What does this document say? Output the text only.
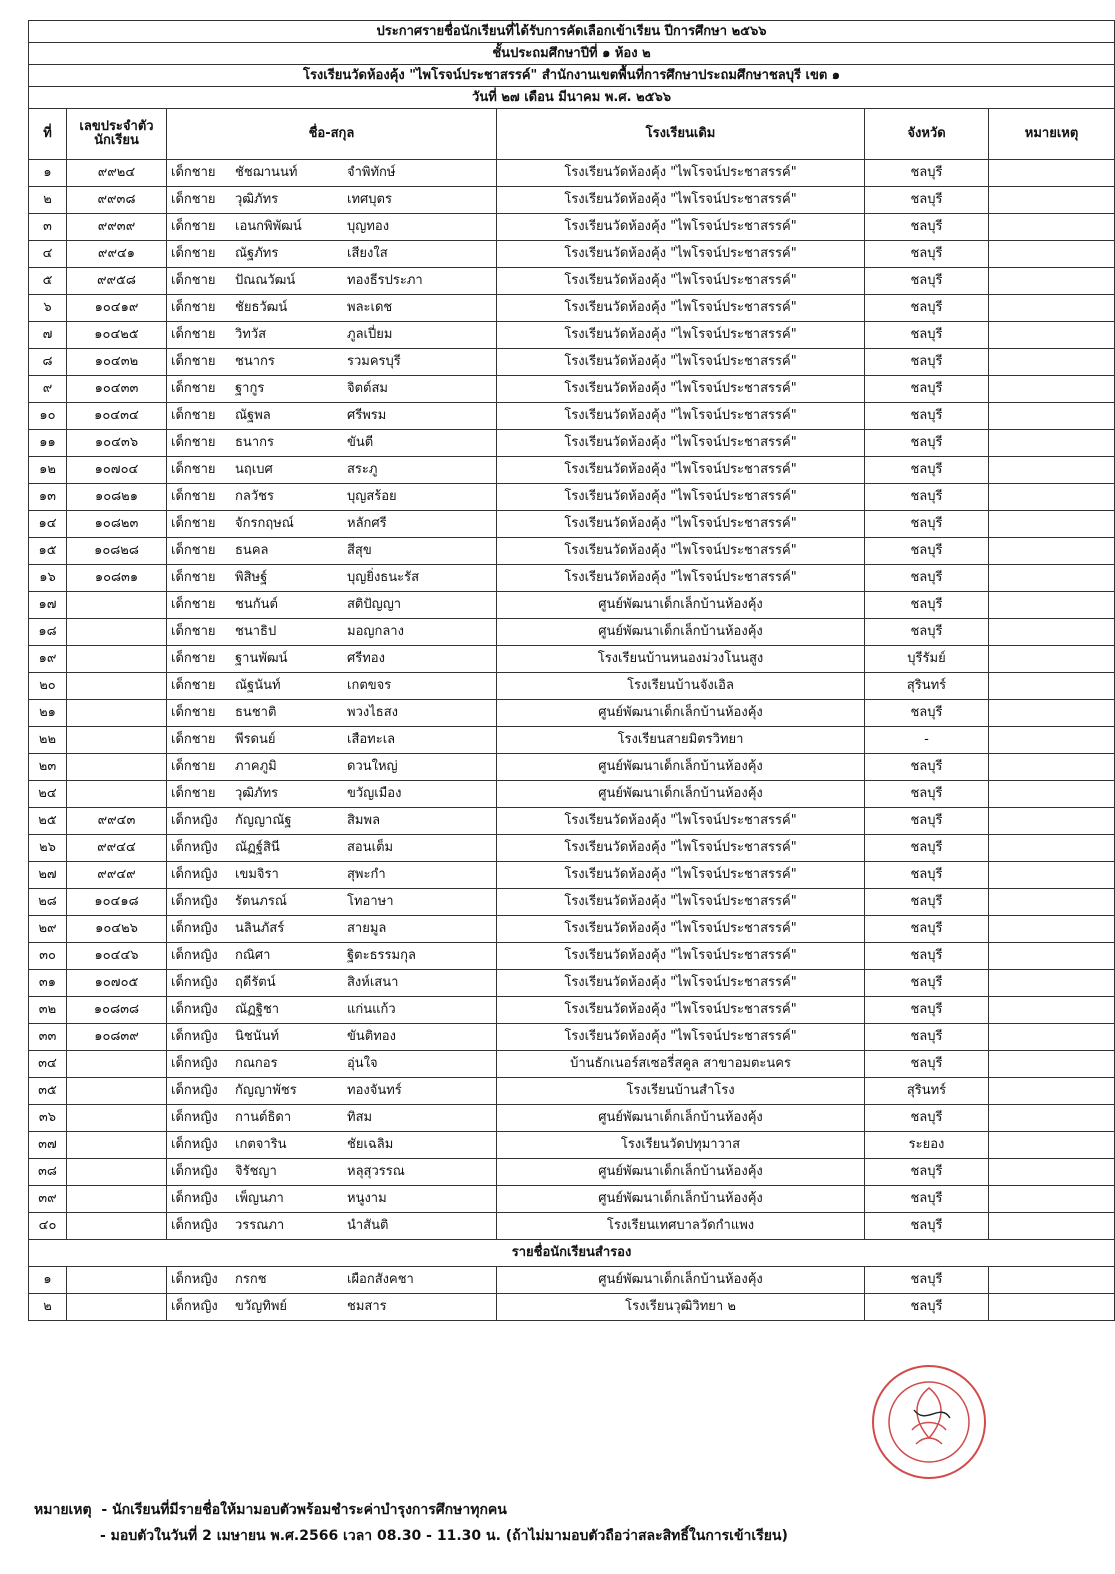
ประกาศรายชื่อนักเรียนที่ได้รับการคัดเลือกเข้าเรียน ปีการศึกษา ๒๕๖๖					
ชั้นประถมศึกษาปีที่ ๑ ห้อง ๒					
โรงเรียนวัดห้องคุ้ง "ไพโรจน์ประชาสรรค์" สำนักงานเขตพื้นที่การศึกษาประถมศึกษาชลบุรี เขต ๑					
วันที่ ๒๗ เดือน มีนาคม พ.ศ. ๒๕๖๖					
ที่	เลขประจำตัวนักเรียน	ชื่อ-สกุล	โรงเรียนเดิม	จังหวัด	หมายเหตุ
๑	๙๙๒๔	เด็กชาย ชัชฌานนท์ จำพิทักษ์	โรงเรียนวัดห้องคุ้ง "ไพโรจน์ประชาสรรค์"	ชลบุรี	
๒	๙๙๓๘	เด็กชาย วุฒิภัทร เทศบุตร	โรงเรียนวัดห้องคุ้ง "ไพโรจน์ประชาสรรค์"	ชลบุรี	
๓	๙๙๓๙	เด็กชาย เอนกพิพัฒน์ บุญทอง	โรงเรียนวัดห้องคุ้ง "ไพโรจน์ประชาสรรค์"	ชลบุรี	
๔	๙๙๔๑	เด็กชาย ณัฐภัทร เสียงใส	โรงเรียนวัดห้องคุ้ง "ไพโรจน์ประชาสรรค์"	ชลบุรี	
๕	๙๙๕๘	เด็กชาย ปัณณวัฒน์ ทองธีรประภา	โรงเรียนวัดห้องคุ้ง "ไพโรจน์ประชาสรรค์"	ชลบุรี	
๖	๑๐๔๑๙	เด็กชาย ชัยธวัฒน์ พละเดช	โรงเรียนวัดห้องคุ้ง "ไพโรจน์ประชาสรรค์"	ชลบุรี	
๗	๑๐๔๒๕	เด็กชาย วิทวัส ภูลเปี่ยม	โรงเรียนวัดห้องคุ้ง "ไพโรจน์ประชาสรรค์"	ชลบุรี	
๘	๑๐๔๓๒	เด็กชาย ชนากร รวมครบุรี	โรงเรียนวัดห้องคุ้ง "ไพโรจน์ประชาสรรค์"	ชลบุรี	
๙	๑๐๔๓๓	เด็กชาย ฐากูร จิตต์สม	โรงเรียนวัดห้องคุ้ง "ไพโรจน์ประชาสรรค์"	ชลบุรี	
๑๐	๑๐๔๓๔	เด็กชาย ณัฐพล ศรีพรม	โรงเรียนวัดห้องคุ้ง "ไพโรจน์ประชาสรรค์"	ชลบุรี	
๑๑	๑๐๔๓๖	เด็กชาย ธนากร ขันตี	โรงเรียนวัดห้องคุ้ง "ไพโรจน์ประชาสรรค์"	ชลบุรี	
๑๒	๑๐๗๐๔	เด็กชาย นฤเบศ สระภู	โรงเรียนวัดห้องคุ้ง "ไพโรจน์ประชาสรรค์"	ชลบุรี	
๑๓	๑๐๘๒๑	เด็กชาย กลวัชร บุญสร้อย	โรงเรียนวัดห้องคุ้ง "ไพโรจน์ประชาสรรค์"	ชลบุรี	
๑๔	๑๐๘๒๓	เด็กชาย จักรกฤษณ์ หลักศรี	โรงเรียนวัดห้องคุ้ง "ไพโรจน์ประชาสรรค์"	ชลบุรี	
๑๕	๑๐๘๒๘	เด็กชาย ธนคล สีสุข	โรงเรียนวัดห้องคุ้ง "ไพโรจน์ประชาสรรค์"	ชลบุรี	
๑๖	๑๐๘๓๑	เด็กชาย พิสิษฐ์ บุญยิ่งธนะรัส	โรงเรียนวัดห้องคุ้ง "ไพโรจน์ประชาสรรค์"	ชลบุรี	
๑๗		เด็กชาย ชนกันต์ สติปัญญา	ศูนย์พัฒนาเด็กเล็กบ้านห้องคุ้ง	ชลบุรี	
๑๘		เด็กชาย ชนาธิป มอญกลาง	ศูนย์พัฒนาเด็กเล็กบ้านห้องคุ้ง	ชลบุรี	
๑๙		เด็กชาย ฐานพัฒน์ ศรีทอง	โรงเรียนบ้านหนองม่วงโนนสูง	บุรีรัมย์	
๒๐		เด็กชาย ณัฐนันท์ เกตขจร	โรงเรียนบ้านจังเอิล	สุรินทร์	
๒๑		เด็กชาย ธนชาติ พวงไธสง	ศูนย์พัฒนาเด็กเล็กบ้านห้องคุ้ง	ชลบุรี	
๒๒		เด็กชาย พีรดนย์ เสือทะเล	โรงเรียนสายมิตรวิทยา	-	
๒๓		เด็กชาย ภาคภูมิ ดวนใหญ่	ศูนย์พัฒนาเด็กเล็กบ้านห้องคุ้ง	ชลบุรี	
๒๔		เด็กชาย วุฒิภัทร ขวัญเมือง	ศูนย์พัฒนาเด็กเล็กบ้านห้องคุ้ง	ชลบุรี	
๒๕	๙๙๔๓	เด็กหญิง กัญญาณัฐ สิมพล	โรงเรียนวัดห้องคุ้ง "ไพโรจน์ประชาสรรค์"	ชลบุรี	
๒๖	๙๙๔๔	เด็กหญิง ณัฏฐ์สินี สอนเต็ม	โรงเรียนวัดห้องคุ้ง "ไพโรจน์ประชาสรรค์"	ชลบุรี	
๒๗	๙๙๔๙	เด็กหญิง เขมจิรา สุพะกำ	โรงเรียนวัดห้องคุ้ง "ไพโรจน์ประชาสรรค์"	ชลบุรี	
๒๘	๑๐๔๑๘	เด็กหญิง รัตนภรณ์ โทอาษา	โรงเรียนวัดห้องคุ้ง "ไพโรจน์ประชาสรรค์"	ชลบุรี	
๒๙	๑๐๔๒๖	เด็กหญิง นลินภัสร์ สายมูล	โรงเรียนวัดห้องคุ้ง "ไพโรจน์ประชาสรรค์"	ชลบุรี	
๓๐	๑๐๔๔๖	เด็กหญิง กณิศา ฐิตะธรรมกุล	โรงเรียนวัดห้องคุ้ง "ไพโรจน์ประชาสรรค์"	ชลบุรี	
๓๑	๑๐๗๐๕	เด็กหญิง ฤดีรัตน์ สิงห์เสนา	โรงเรียนวัดห้องคุ้ง "ไพโรจน์ประชาสรรค์"	ชลบุรี	
๓๒	๑๐๘๓๘	เด็กหญิง ณัฏฐิชา แก่นแก้ว	โรงเรียนวัดห้องคุ้ง "ไพโรจน์ประชาสรรค์"	ชลบุรี	
๓๓	๑๐๘๓๙	เด็กหญิง นิชนันท์ ขันติทอง	โรงเรียนวัดห้องคุ้ง "ไพโรจน์ประชาสรรค์"	ชลบุรี	
๓๔		เด็กหญิง กณกอร อุ่นใจ	บ้านธักเนอร์สเซอรี่สคูล สาขาอมตะนคร	ชลบุรี	
๓๕		เด็กหญิง กัญญาพัชร ทองจันทร์	โรงเรียนบ้านสำโรง	สุรินทร์	
๓๖		เด็กหญิง กานต์ธิดา ทิสม	ศูนย์พัฒนาเด็กเล็กบ้านห้องคุ้ง	ชลบุรี	
๓๗		เด็กหญิง เกตจาริน ชัยเฉลิม	โรงเรียนวัดปทุมาวาส	ระยอง	
๓๘		เด็กหญิง จิรัชญา หลุสุวรรณ	ศูนย์พัฒนาเด็กเล็กบ้านห้องคุ้ง	ชลบุรี	
๓๙		เด็กหญิง เพ็ญนภา หนูงาม	ศูนย์พัฒนาเด็กเล็กบ้านห้องคุ้ง	ชลบุรี	
๔๐		เด็กหญิง วรรณภา นำสันติ	โรงเรียนเทศบาลวัดกำแพง	ชลบุรี	
รายชื่อนักเรียนสำรอง					
๑		เด็กหญิง กรกช เผือกสังคชา	ศูนย์พัฒนาเด็กเล็กบ้านห้องคุ้ง	ชลบุรี	
๒		เด็กหญิง ขวัญทิพย์ ชมสาร	โรงเรียนวุฒิวิทยา ๒	ชลบุรี	
หมายเหตุ - นักเรียนที่มีรายชื่อให้มามอบตัวพร้อมชำระค่าบำรุงการศึกษาทุกคน
- มอบตัวในวันที่ 2 เมษายน พ.ศ.2566 เวลา 08.30 - 11.30 น. (ถ้าไม่มามอบตัวถือว่าสละสิทธิ์ในการเข้าเรียน)
